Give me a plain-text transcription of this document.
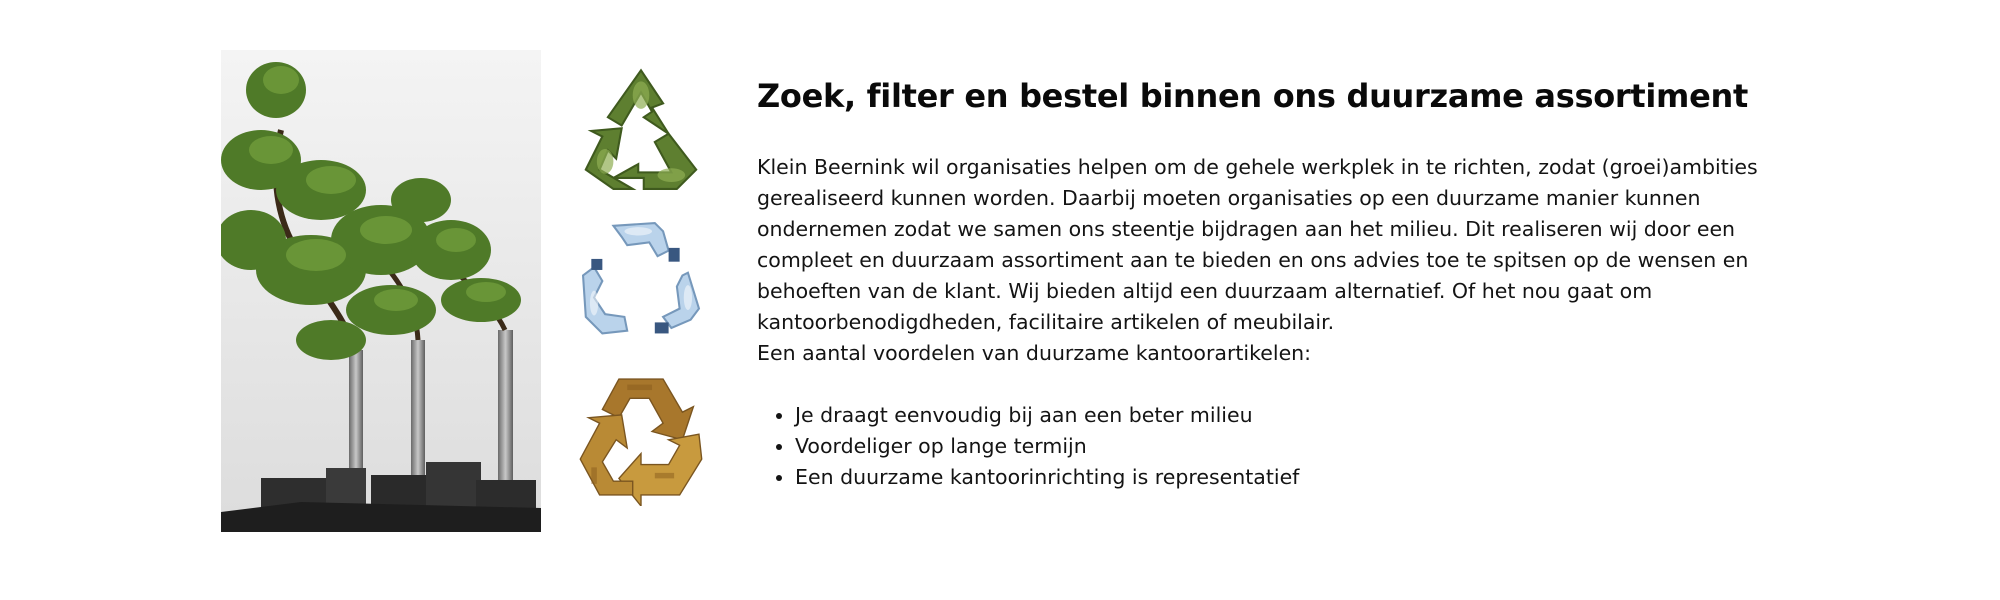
Zoek, filter en bestel binnen ons duurzame assortiment

Klein Beernink wil organisaties helpen om de gehele werkplek in te richten, zodat (groei)ambities
gerealiseerd kunnen worden. Daarbij moeten organisaties op een duurzame manier kunnen
ondernemen zodat we samen ons steentje bijdragen aan het milieu. Dit realiseren wij door een
compleet en duurzaam assortiment aan te bieden en ons advies toe te spitsen op de wensen en
behoeften van de klant. Wij bieden altijd een duurzaam alternatief. Of het nou gaat om
kantoorbenodigdheden, facilitaire artikelen of meubilair.
Een aantal voordelen van duurzame kantoorartikelen:

• Je draagt eenvoudig bij aan een beter milieu
• Voordeliger op lange termijn
• Een duurzame kantoorinrichting is representatief
